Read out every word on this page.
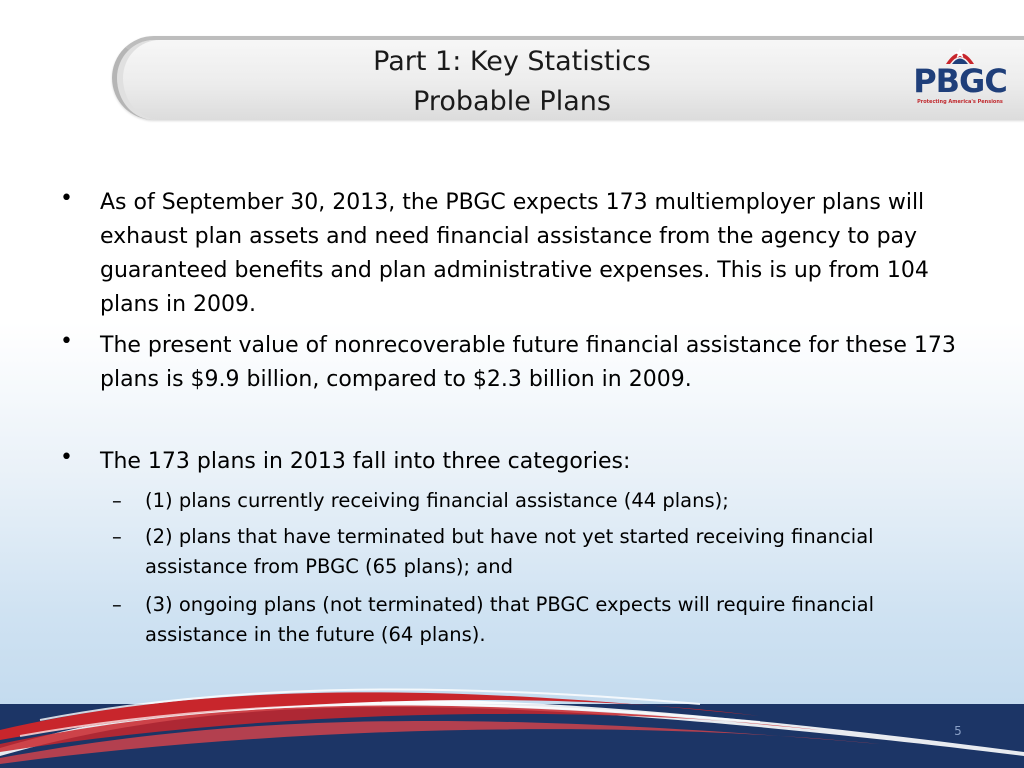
Part 1: Key Statistics
Probable Plans
PBGC
Protecting America's Pensions
• As of September 30, 2013, the PBGC expects 173 multiemployer plans will exhaust plan assets and need financial assistance from the agency to pay guaranteed benefits and plan administrative expenses. This is up from 104 plans in 2009.
• The present value of nonrecoverable future financial assistance for these 173 plans is $9.9 billion, compared to $2.3 billion in 2009.
• The 173 plans in 2013 fall into three categories:
– (1) plans currently receiving financial assistance (44 plans);
– (2) plans that have terminated but have not yet started receiving financial assistance from PBGC (65 plans); and
– (3) ongoing plans (not terminated) that PBGC expects will require financial assistance in the future (64 plans).
5
